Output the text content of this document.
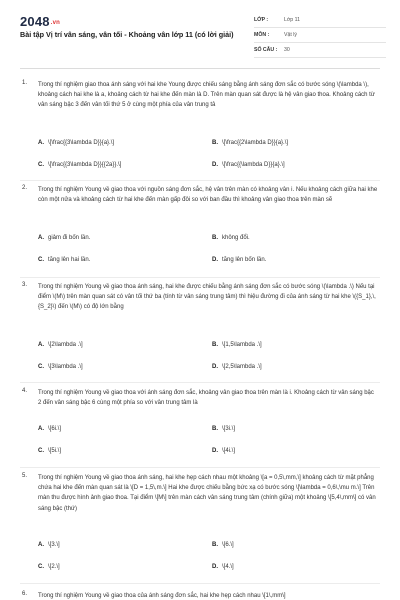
2048.vn
Bài tập Vị trí vân sáng, vân tối - Khoảng vân lớp 11 (có lời giải)
LỚP :	Lớp 11
MÔN :	Vật lý
SỐ CÂU : 30
1. Trong thí nghiệm giao thoa ánh sáng với hai khe Young được chiếu sáng bằng ánh sáng đơn sắc có bước sóng \(\lambda \), khoảng cách hai khe là a, khoảng cách từ hai khe đến màn là D. Trên màn quan sát được là hệ vân giao thoa. Khoảng cách từ vân sáng bậc 3 đến vân tối thứ 5 ở cùng một phía của vân trung tâ
A. \[\frac{{3\lambda D}}{a}.\]	B. \[\frac{{2\lambda D}}{a}.\]
C. \[\frac{{3\lambda D}}{{2a}}.\]	D. \[\frac{{\lambda D}}{a}.\]
2. Trong thí nghiệm Young về giao thoa với nguồn sáng đơn sắc, hệ vân trên màn có khoảng vân i. Nếu khoảng cách giữa hai khe còn một nửa và khoảng cách từ hai khe đến màn gấp đôi so với ban đầu thì khoảng vân giao thoa trên màn sẽ
A. giảm đi bốn lần.	B. không đổi.
C. tăng lên hai lần.	D. tăng lên bốn lần.
3. Trong thí nghiệm Young về giao thoa ánh sáng, hai khe được chiếu bằng ánh sáng đơn sắc có bước sóng \(\lambda .\) Nếu tại điểm \(M\) trên màn quan sát có vân tối thứ ba (tính từ vân sáng trung tâm) thì hiệu đường đi của ánh sáng từ hai khe \({S_1},\,{S_2}\) đến \(M\) có độ lớn bằng
A. \[2\lambda .\]	B. \[1,5\lambda .\]
C. \[3\lambda .\]	D. \[2,5\lambda .\]
4. Trong thí nghiệm Young về giao thoa với ánh sáng đơn sắc, khoảng vân giao thoa trên màn là i. Khoảng cách từ vân sáng bậc 2 đến vân sáng bậc 6 cùng một phía so với vân trung tâm là
A. \[6i.\]	B. \[3i.\]
C. \[5i.\]	D. \[4i.\]
5. Trong thí nghiệm Young về giao thoa ánh sáng, hai khe hẹp cách nhau một khoảng \[a = 0,5\,mm,\] khoảng cách từ mặt phẳng chứa hai khe đến màn quan sát là \[D = 1,5\,m.\] Hai khe được chiếu bằng bức xạ có bước sóng \[\lambda = 0,6\,\mu m.\] Trên màn thu được hình ảnh giao thoa. Tại điểm \[M\] trên màn cách vân sáng trung tâm (chính giữa) một khoảng \[5,4\,mm\] có vân sáng bậc (thứ)
A. \[3.\]	B. \[6.\]
C. \[2.\]	D. \[4.\]
6. Trong thí nghiệm Young về giao thoa của ánh sáng đơn sắc, hai khe hẹp cách nhau \[1\,mm\]
